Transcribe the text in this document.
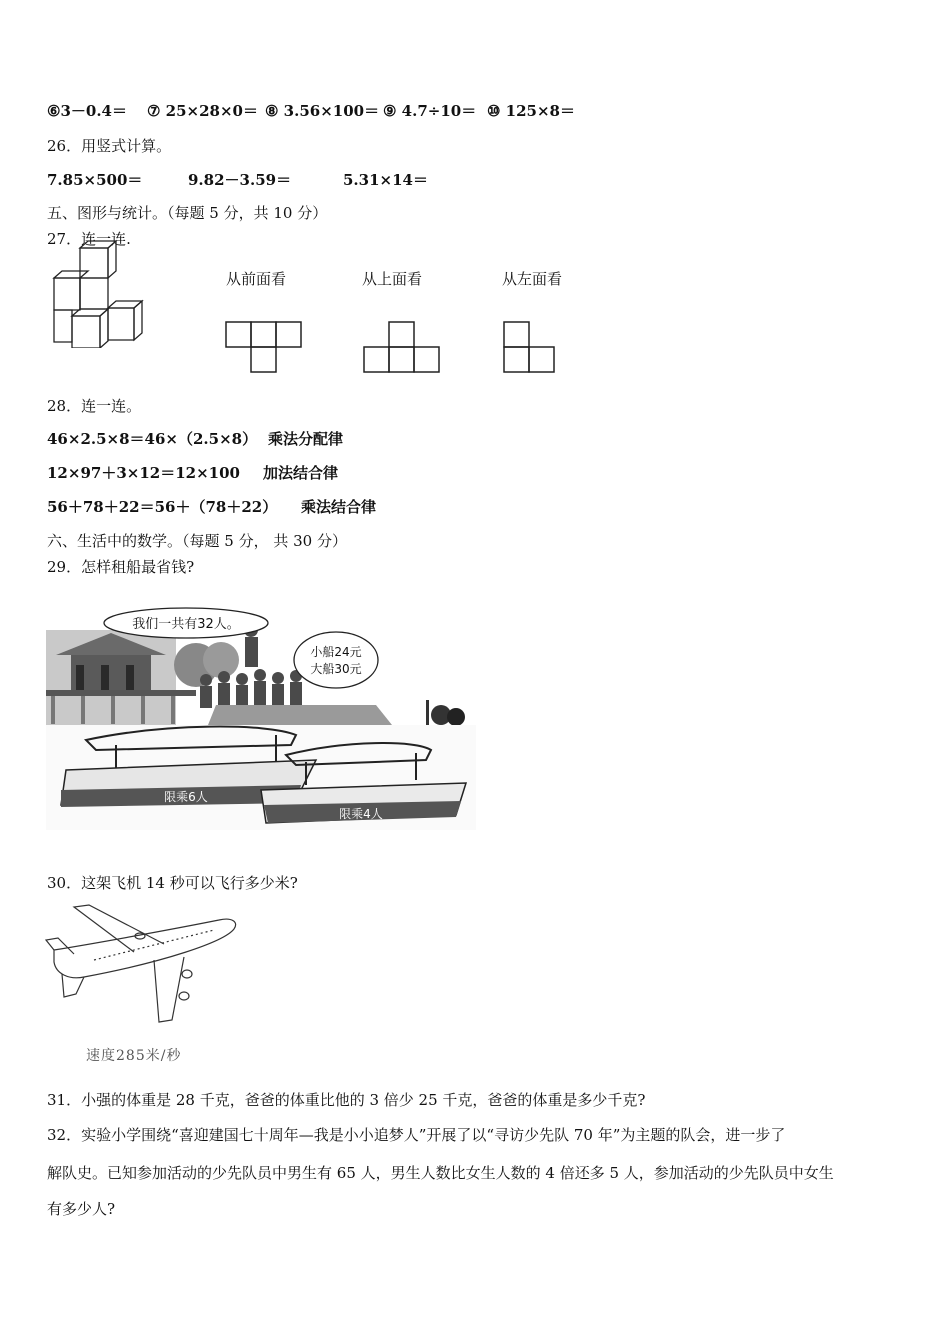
⑥3－0.4＝ ⑦ 25×28×0＝ ⑧ 3.56×100＝ ⑨ 4.7÷10＝ ⑩ 125×8＝
26．用竖式计算。
7.85×500＝	9.82－3.59＝	5.31×14＝
五、图形与统计。（每题 5 分，共 10 分）
27．连一连.
从前面看	从上面看	从左面看
28．连一连。
46×2.5×8＝46×（2.5×8） 乘法分配律
12×97＋3×12＝12×100 加法结合律
56＋78＋22＝56＋（78＋22） 乘法结合律
六、生活中的数学。（每题 5 分， 共 30 分）
29．怎样租船最省钱?
我们一共有32人。
小船24元
大船30元
限乘6人
限乘4人
30．这架飞机 14 秒可以飞行多少米?
速度285米/秒
31．小强的体重是 28 千克，爸爸的体重比他的 3 倍少 25 千克，爸爸的体重是多少千克?
32．实验小学围绕“喜迎建国七十周年—我是小小追梦人”开展了以“寻访少先队 70 年”为主题的队会，进一步了
解队史。已知参加活动的少先队员中男生有 65 人，男生人数比女生人数的 4 倍还多 5 人，参加活动的少先队员中女生
有多少人?
